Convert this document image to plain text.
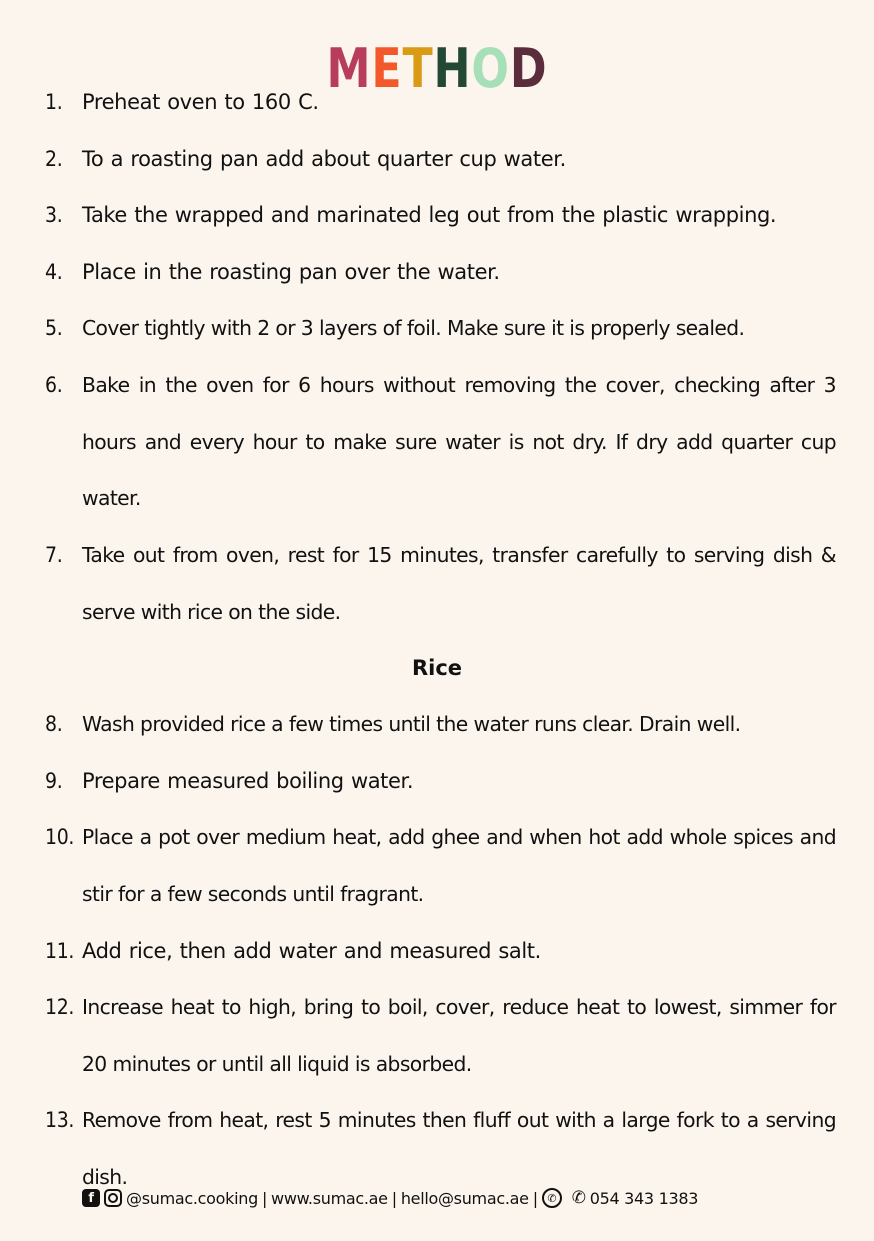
METHOD
1. Preheat oven to 160 C.
2. To a roasting pan add about quarter cup water.
3. Take the wrapped and marinated leg out from the plastic wrapping.
4. Place in the roasting pan over the water.
5. Cover tightly with 2 or 3 layers of foil. Make sure it is properly sealed.
6. Bake in the oven for 6 hours without removing the cover, checking after 3 hours and every hour to make sure water is not dry. If dry add quarter cup water.
7. Take out from oven, rest for 15 minutes, transfer carefully to serving dish & serve with rice on the side.
Rice
8. Wash provided rice a few times until the water runs clear. Drain well.
9. Prepare measured boiling water.
10. Place a pot over medium heat, add ghee and when hot add whole spices and stir for a few seconds until fragrant.
11. Add rice, then add water and measured salt.
12. Increase heat to high, bring to boil, cover, reduce heat to lowest, simmer for 20 minutes or until all liquid is absorbed.
13. Remove from heat, rest 5 minutes then fluff out with a large fork to a serving dish.
f	@sumac.cooking | www.sumac.ae | hello@sumac.ae | ✆ ✆ 054 343 1383
